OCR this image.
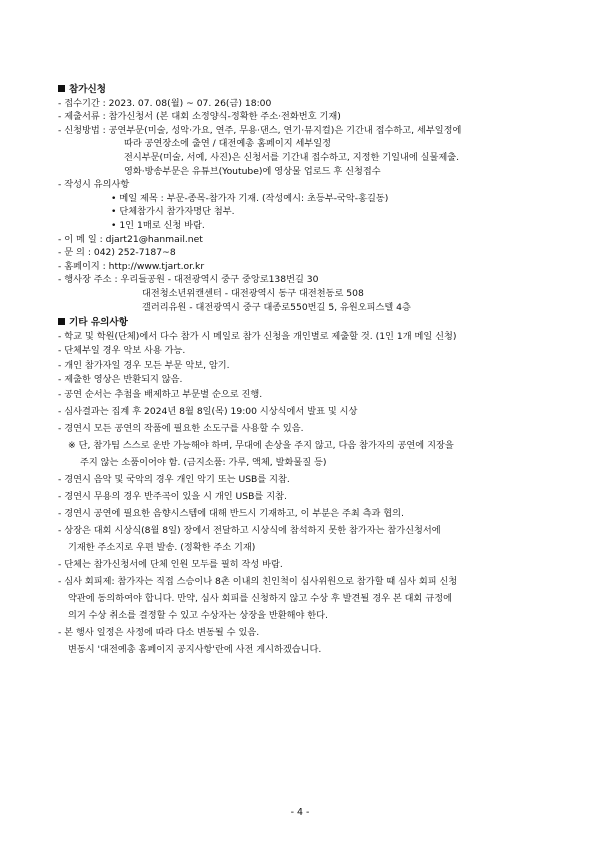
참가신청

- 접수기간 : 2023. 07. 08(월) ~ 07. 26(금) 18:00

- 제출서류 : 참가신청서 (본 대회 소정양식-정확한 주소·전화번호 기재)

- 신청방법 : 공연부문(미술, 성악·가요, 연주, 무용·댄스, 연기·뮤지컬)은 기간내 접수하고, 세부일정에

따라 공연장소에 출연 / 대전예총 홈페이지 세부일정

전시부문(미술, 서예, 사진)은 신청서를 기간내 접수하고, 지정한 기일내에 실물제출.

영화·방송부문은 유튜브(Youtube)에 영상물 업로드 후 신청접수

- 작성시 유의사항

• 메일 제목 : 부문-종목-참가자 기재. (작성예시: 초등부-국악-홍길동)

• 단체참가시 참가자명단 첨부.

• 1인 1매로 신청 바람.

- 이 메 일 : djart21@hanmail.net

- 문 의 : 042) 252-7187~8

- 홈페이지 : http://www.tjart.or.kr

- 행사장 주소 : 우리들공원 - 대전광역시 중구 중앙로138번길 30

대전청소년위캔센터 - 대전광역시 동구 대전천동로 508

갤러리유원 - 대전광역시 중구 대종로550번길 5, 유원오피스텔 4층

기타 유의사항

- 학교 및 학원(단체)에서 다수 참가 시 메일로 참가 신청을 개인별로 제출할 것. (1인 1개 메일 신청)

- 단체부일 경우 악보 사용 가능.

- 개인 참가자일 경우 모든 부문 악보, 암기.

- 제출한 영상은 반환되지 않음.

- 공연 순서는 추첨을 배제하고 부문별 순으로 진행.

- 심사결과는 집계 후 2024년 8월 8일(목) 19:00 시상식에서 발표 및 시상

- 경연시 모든 공연의 작품에 필요한 소도구를 사용할 수 있음.

※ 단, 참가팀 스스로 운반 가능해야 하며, 무대에 손상을 주지 않고, 다음 참가자의 공연에 지장을

주지 않는 소품이어야 함. (금지소품: 가루, 액체, 발화물질 등)

- 경연시 음악 및 국악의 경우 개인 악기 또는 USB를 지참.

- 경연시 무용의 경우 반주곡이 있을 시 개인 USB를 지참.

- 경연시 공연에 필요한 음향시스템에 대해 반드시 기재하고, 이 부분은 주최 측과 협의.

- 상장은 대회 시상식(8월 8일) 장에서 전달하고 시상식에 참석하지 못한 참가자는 참가신청서에

기재한 주소지로 우편 발송. (정확한 주소 기재)

- 단체는 참가신청서에 단체 인원 모두를 필히 작성 바람.

- 심사 회피제: 참가자는 직접 스승이나 8촌 이내의 친인척이 심사위원으로 참가할 때 심사 회피 신청

약관에 동의하여야 합니다. 만약, 심사 회피를 신청하지 않고 수상 후 발견될 경우 본 대회 규정에

의거 수상 취소를 결정할 수 있고 수상자는 상장을 반환해야 한다.

- 본 행사 일정은 사정에 따라 다소 변동될 수 있음.

변동시 '대전예총 홈페이지 공지사항'란에 사전 게시하겠습니다.

- 4 -
